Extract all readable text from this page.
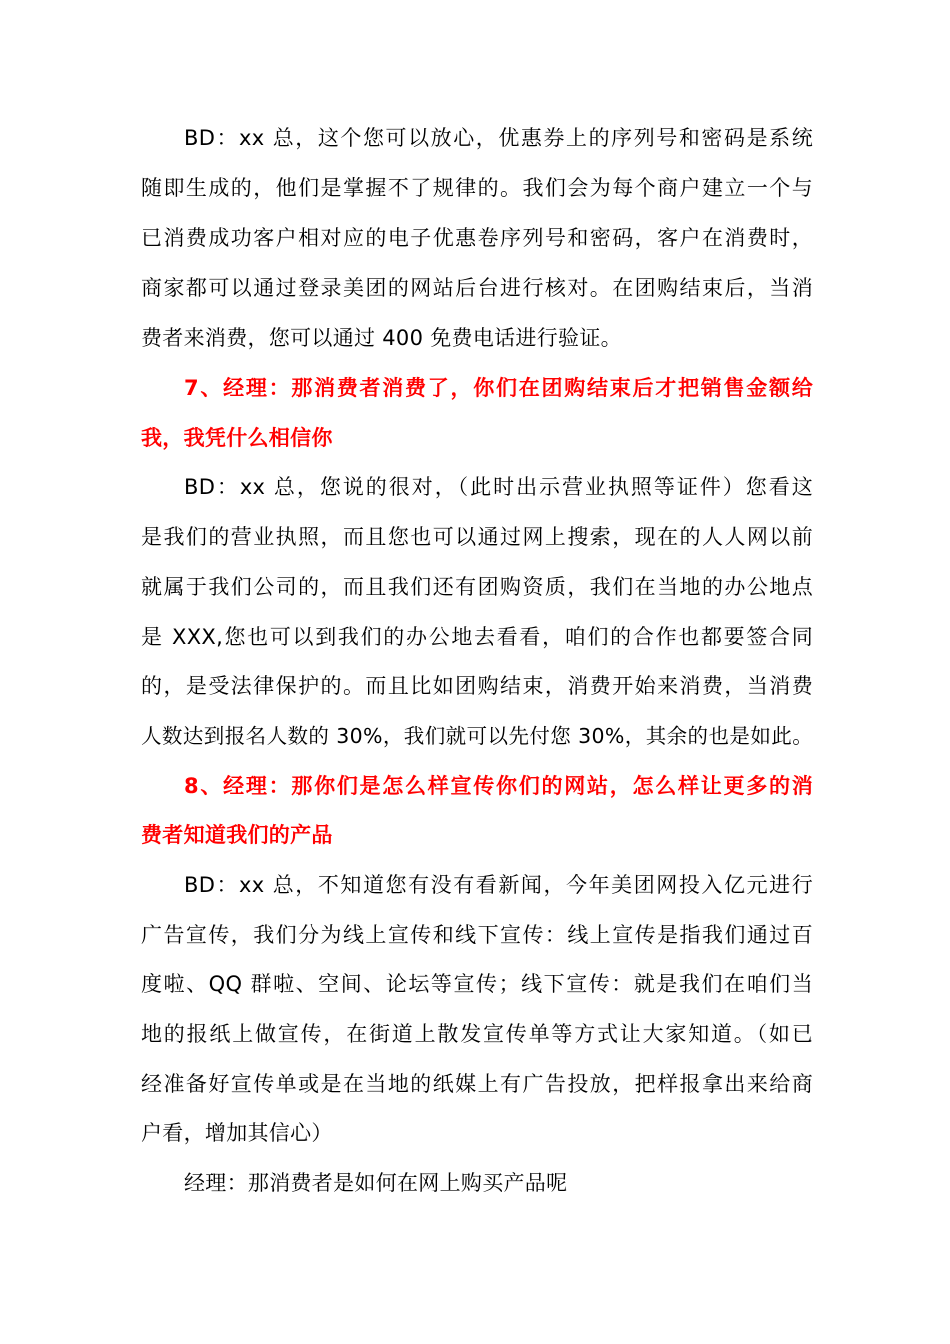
BD：xx 总，这个您可以放心，优惠券上的序列号和密码是系统
随即生成的，他们是掌握不了规律的。我们会为每个商户建立一个与
已消费成功客户相对应的电子优惠卷序列号和密码，客户在消费时，
商家都可以通过登录美团的网站后台进行核对。在团购结束后，当消
费者来消费，您可以通过 400 免费电话进行验证。
7、经理：那消费者消费了，你们在团购结束后才把销售金额给
我，我凭什么相信你
BD：xx 总，您说的很对，（此时出示营业执照等证件）您看这
是我们的营业执照，而且您也可以通过网上搜索，现在的人人网以前
就属于我们公司的，而且我们还有团购资质，我们在当地的办公地点
是 XXX,您也可以到我们的办公地去看看，咱们的合作也都要签合同
的，是受法律保护的。而且比如团购结束，消费开始来消费，当消费
人数达到报名人数的 30%，我们就可以先付您 30%，其余的也是如此。
8、经理：那你们是怎么样宣传你们的网站，怎么样让更多的消
费者知道我们的产品
BD：xx 总，不知道您有没有看新闻，今年美团网投入亿元进行
广告宣传，我们分为线上宣传和线下宣传：线上宣传是指我们通过百
度啦、QQ 群啦、空间、论坛等宣传；线下宣传：就是我们在咱们当
地的报纸上做宣传，在街道上散发宣传单等方式让大家知道。（如已
经准备好宣传单或是在当地的纸媒上有广告投放，把样报拿出来给商
户看，增加其信心）
经理：那消费者是如何在网上购买产品呢
